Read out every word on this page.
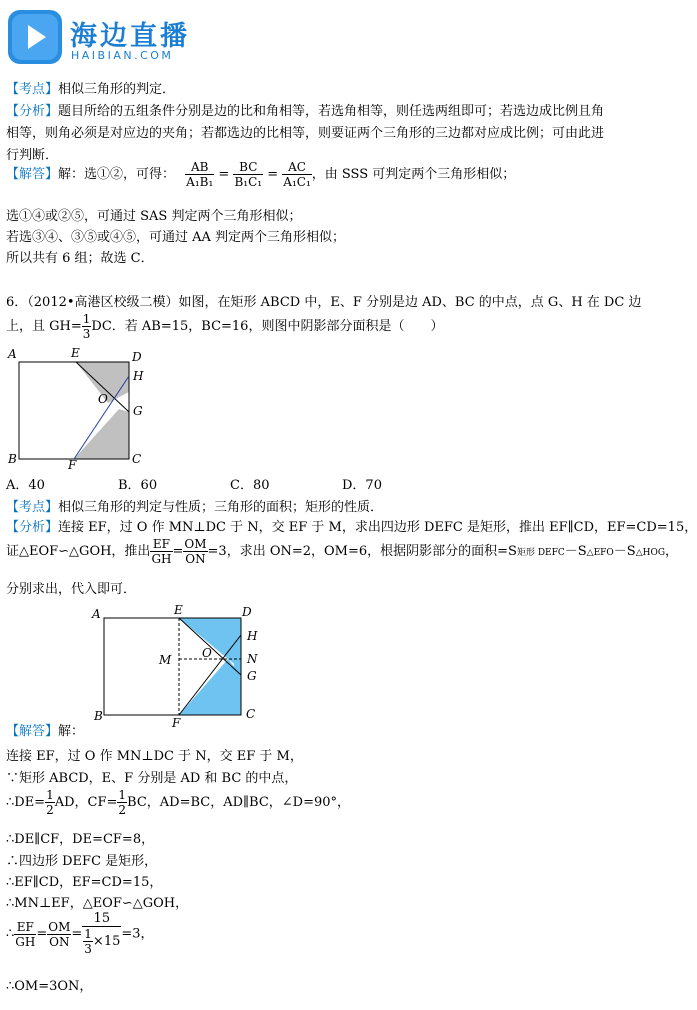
海边直播
HAIBIAN.COM
【考点】相似三角形的判定．
【分析】题目所给的五组条件分别是边的比和角相等，若选角相等，则任选两组即可；若选边成比例且角
相等，则角必须是对应边的夹角；若都选边的比相等，则要证两个三角形的三边都对应成比例；可由此进
行判断．
【解答】解：选①②，可得： $\frac{AB}{\text{A₁B₁}} = \frac{BC}{\text{B₁C₁}} = \frac{AC}{\text{A₁C₁}}$ ，由 SSS 可判定两个三角形相似；
选①④或②⑤，可通过 SAS 判定两个三角形相似；
若选③④、③⑤或④⑤，可通过 AA 判定两个三角形相似；
所以共有 6 组；故选 C．
6．（2012•高港区校级二模）如图，在矩形 ABCD 中，E、F 分别是边 AD、BC 的中点，点 G、H 在 DC 边
上，且 $GH= \frac{1}{3}$ DC．若 AB=15，BC=16，则图中阴影部分面积是（　　）
A	E	D
H
O
G
B	F	C
A．40	B．60	C．80	D．70
【考点】相似三角形的判定与性质；三角形的面积；矩形的性质．
【分析】连接 EF，过 O 作 MN⊥DC 于 N，交 EF 于 M，求出四边形 DEFC 是矩形，推出 EF∥CD，EF=CD=15，
证△EOF∽△GOH，推出 $\frac{EF}{GH} = \frac{OM}{ON} =3$，求出 ON=2，OM=6，根据阴影部分的面积=S矩形 DEFC－S△EFO－S△HOG，
分别求出，代入即可．
A	E	D
H
M	O	N
G
B	F
C
【解答】解：
连接 EF，过 O 作 MN⊥DC 于 N，交 EF 于 M，
∵矩形 ABCD，E、F 分别是 AD 和 BC 的中点，
∴DE= $\frac{1}{2}$ AD，$CF= \frac{1}{2}$ BC，AD=BC，AD∥BC，∠D=90°，
∴DE∥CF，DE=CF=8，
∴四边形 DEFC 是矩形，
∴EF∥CD，EF=CD=15，
∴MN⊥EF，△EOF∽△GOH，
∴ $\frac{EF}{GH} = \frac{OM}{ON} = \frac{15}{\frac{1}{3} \times 15} =3$，
∴OM=3ON，
